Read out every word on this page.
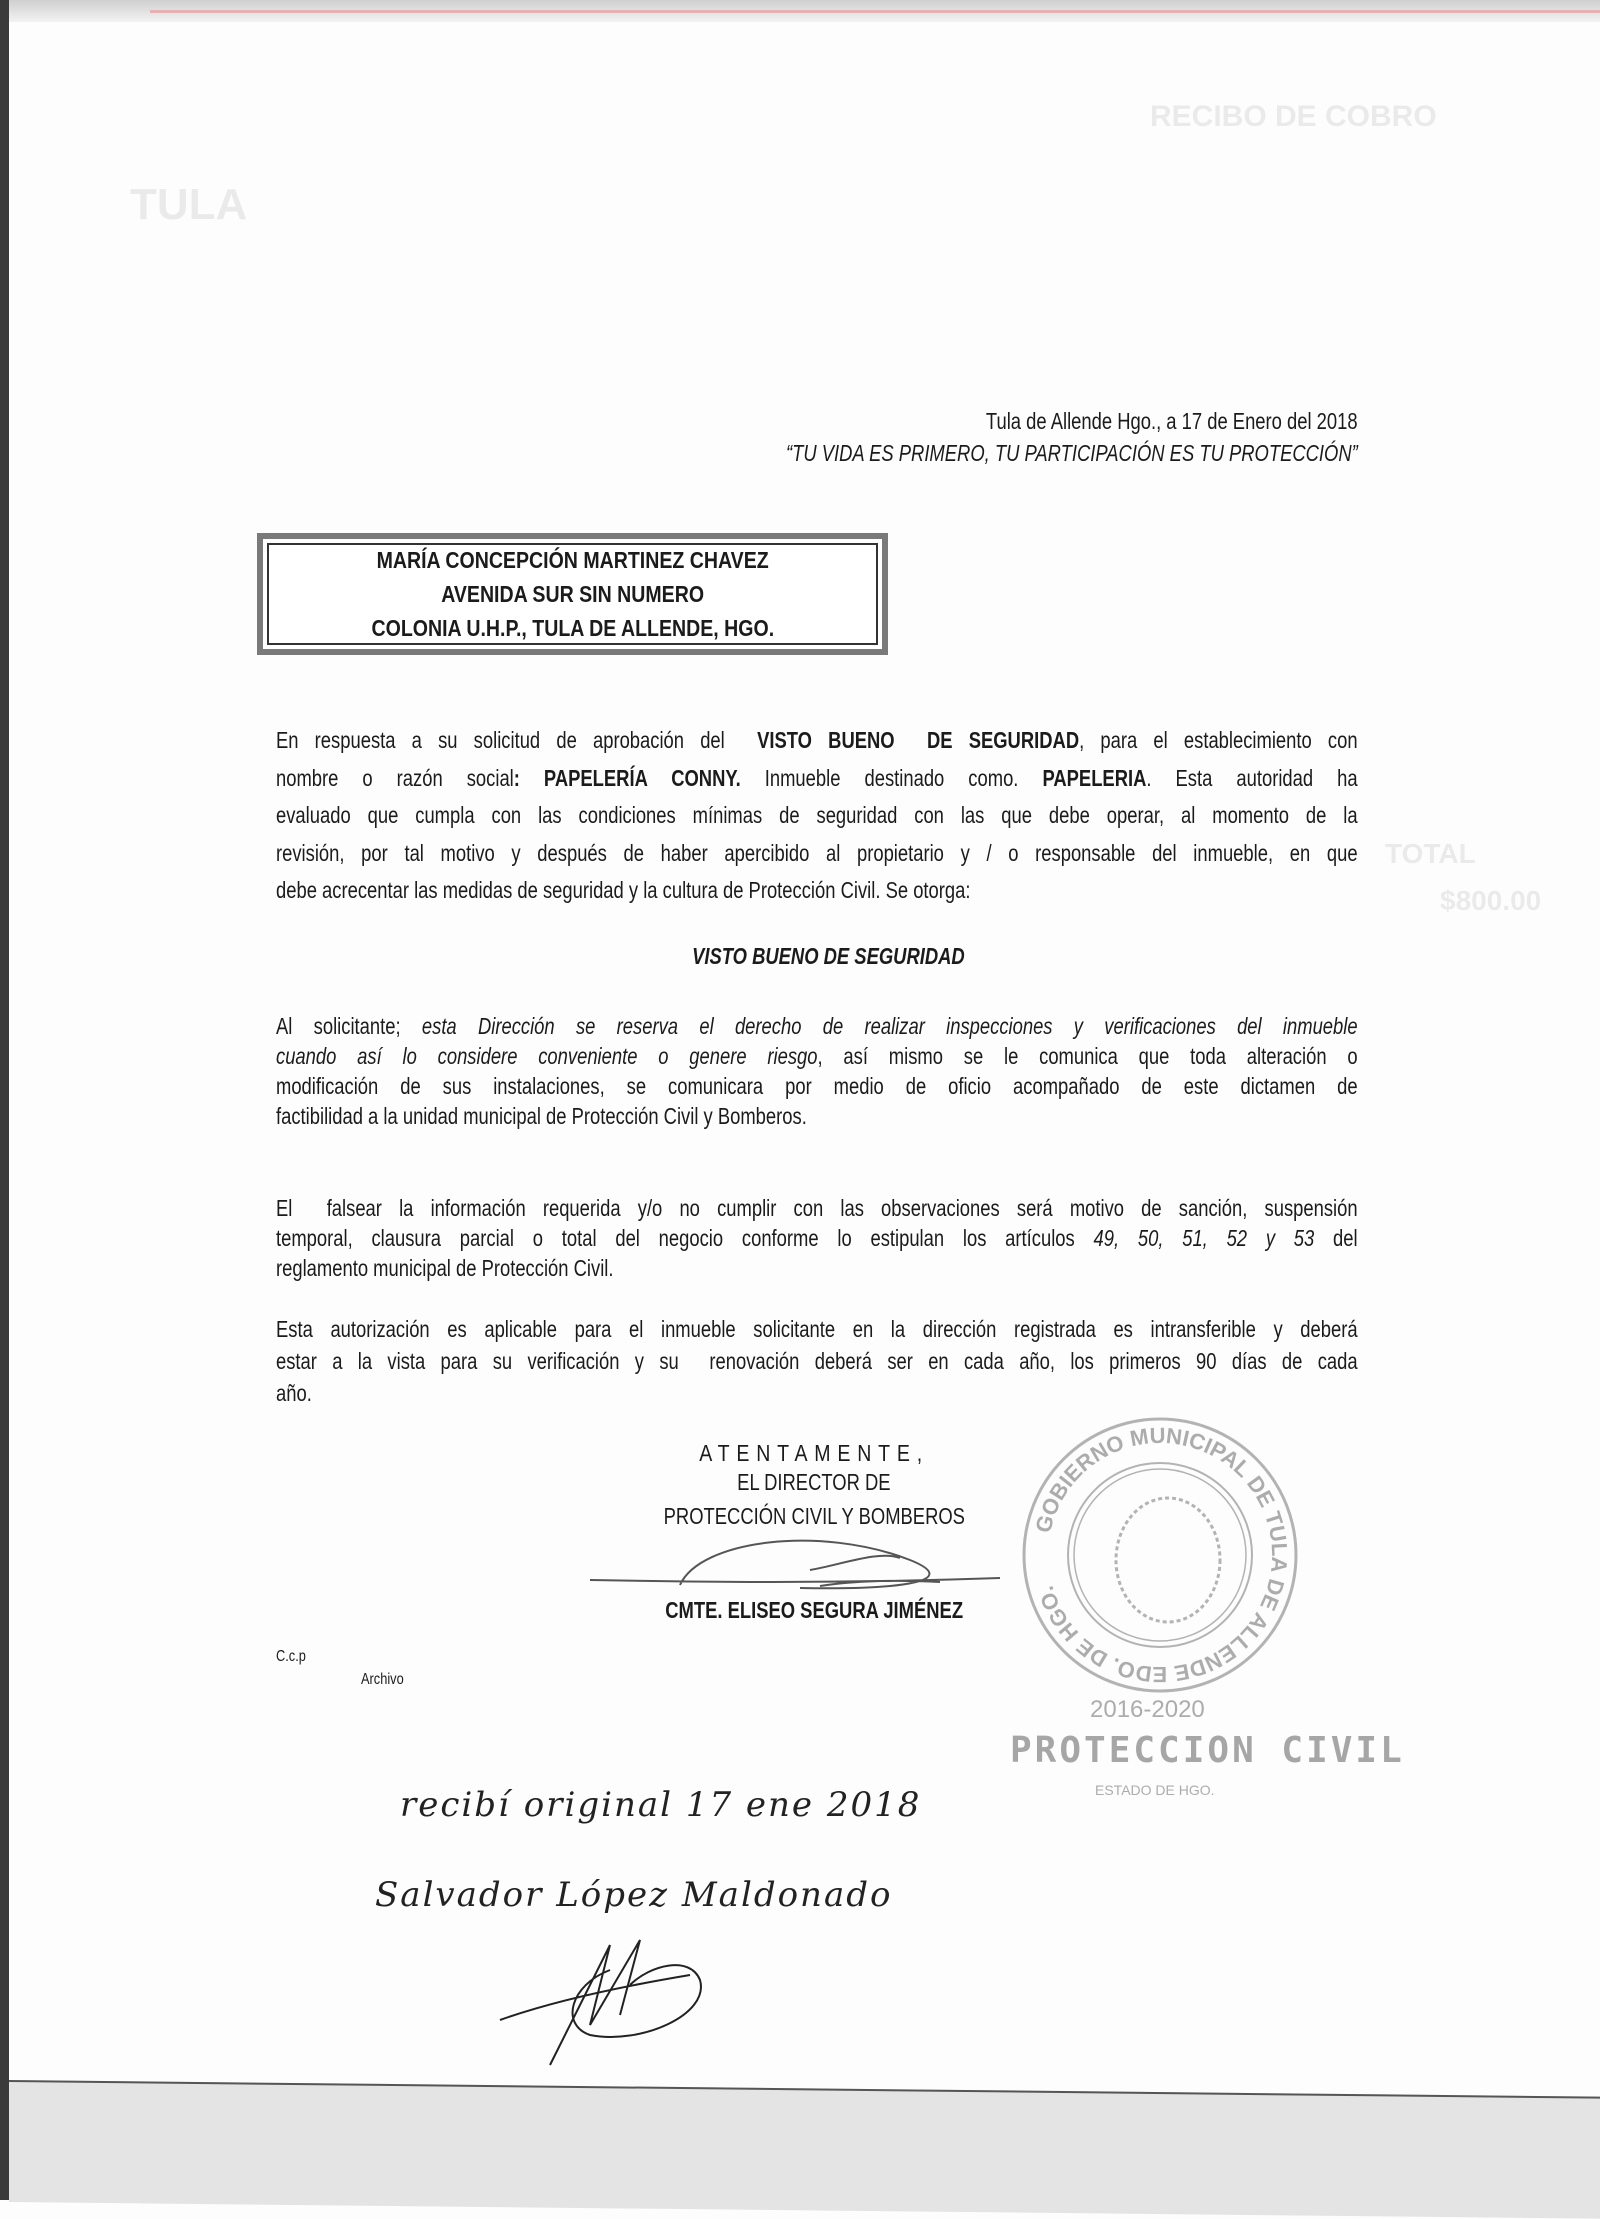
TULA
RECIBO DE COBRO
TOTAL
$800.00
Tula de Allende Hgo., a 17 de Enero del 2018
“TU VIDA ES PRIMERO, TU PARTICIPACIÓN ES TU PROTECCIÓN”
MARÍA CONCEPCIÓN MARTINEZ CHAVEZ
AVENIDA SUR SIN NUMERO
COLONIA U.H.P., TULA DE ALLENDE, HGO.
En respuesta a su solicitud de aprobación del  VISTO BUENO  DE SEGURIDAD, para el establecimiento con
nombre o razón social: PAPELERÍA CONNY. Inmueble destinado como. PAPELERIA. Esta autoridad ha
evaluado que cumpla con las condiciones mínimas de seguridad con las que debe operar, al momento de la
revisión, por tal motivo y después de haber apercibido al propietario y / o responsable del inmueble, en que
debe acrecentar las medidas de seguridad y la cultura de Protección Civil. Se otorga:
VISTO BUENO DE SEGURIDAD
Al solicitante; esta Dirección se reserva el derecho de realizar inspecciones y verificaciones del inmueble
cuando así lo considere conveniente o genere riesgo, así mismo se le comunica que toda alteración o
modificación de sus instalaciones, se comunicara por medio de oficio acompañado de este dictamen de
factibilidad a la unidad municipal de Protección Civil y Bomberos.
El  falsear la información requerida y/o no cumplir con las observaciones será motivo de sanción, suspensión
temporal, clausura parcial o total del negocio conforme lo estipulan los artículos 49, 50, 51, 52 y 53 del
reglamento municipal de Protección Civil.
Esta autorización es aplicable para el inmueble solicitante en la dirección registrada es intransferible y deberá
estar a la vista para su verificación y su  renovación deberá ser en cada año, los primeros 90 días de cada
año.
GOBIERNO MUNICIPAL DE TULA DE ALLENDE EDO. DE HGO.
2016-2020
PROTECCION CIVIL
ESTADO DE HGO.
ATENTAMENTE,
EL DIRECTOR DE
PROTECCIÓN CIVIL Y BOMBEROS
CMTE. ELISEO SEGURA JIMÉNEZ
C.c.p
Archivo
recibí original 17 ene 2018
Salvador López Maldonado
